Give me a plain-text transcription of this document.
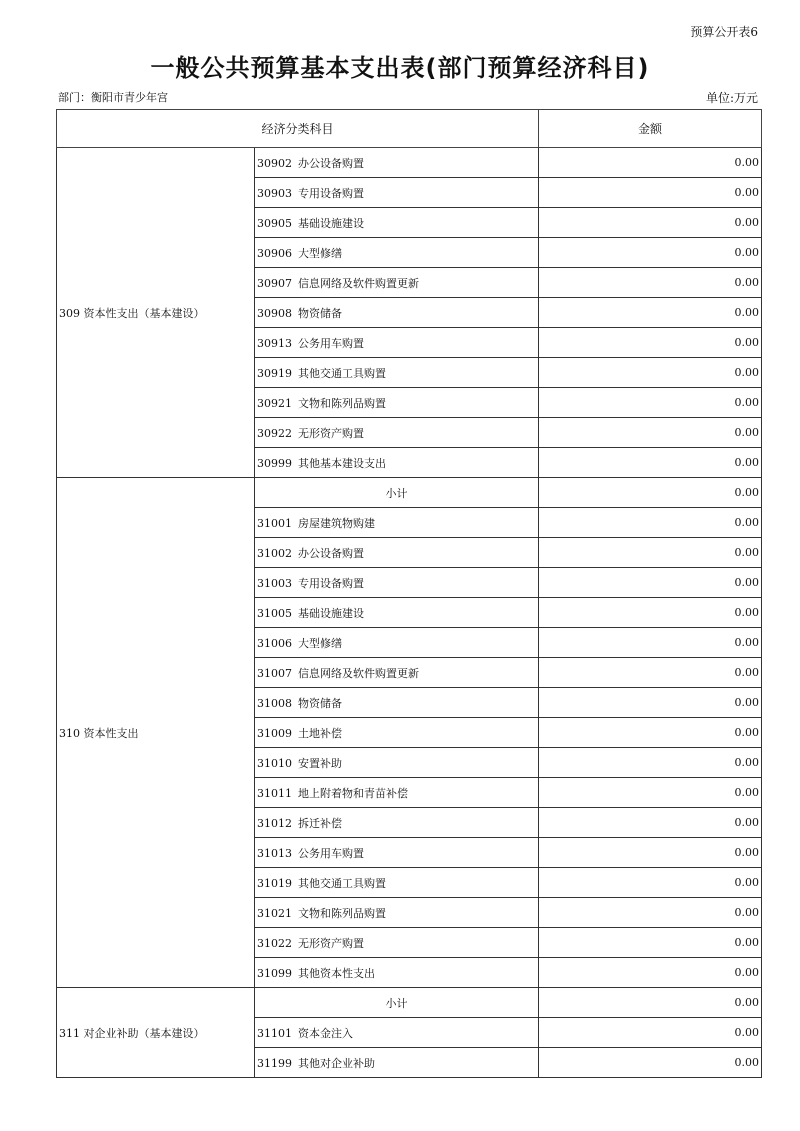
预算公开表6
一般公共预算基本支出表(部门预算经济科目)
部门：衡阳市青少年宫	单位:万元
经济分类科目		金额
309 资本性支出（基本建设）	30902 办公设备购置	0.00
	30903 专用设备购置	0.00
	30905 基础设施建设	0.00
	30906 大型修缮	0.00
	30907 信息网络及软件购置更新	0.00
	30908 物资储备	0.00
	30913 公务用车购置	0.00
	30919 其他交通工具购置	0.00
	30921 文物和陈列品购置	0.00
	30922 无形资产购置	0.00
	30999 其他基本建设支出	0.00
310 资本性支出	小计	0.00
	31001 房屋建筑物购建	0.00
	31002 办公设备购置	0.00
	31003 专用设备购置	0.00
	31005 基础设施建设	0.00
	31006 大型修缮	0.00
	31007 信息网络及软件购置更新	0.00
	31008 物资储备	0.00
	31009 土地补偿	0.00
	31010 安置补助	0.00
	31011 地上附着物和青苗补偿	0.00
	31012 拆迁补偿	0.00
	31013 公务用车购置	0.00
	31019 其他交通工具购置	0.00
	31021 文物和陈列品购置	0.00
	31022 无形资产购置	0.00
	31099 其他资本性支出	0.00
311 对企业补助（基本建设）	小计	0.00
	31101 资本金注入	0.00
	31199 其他对企业补助	0.00
